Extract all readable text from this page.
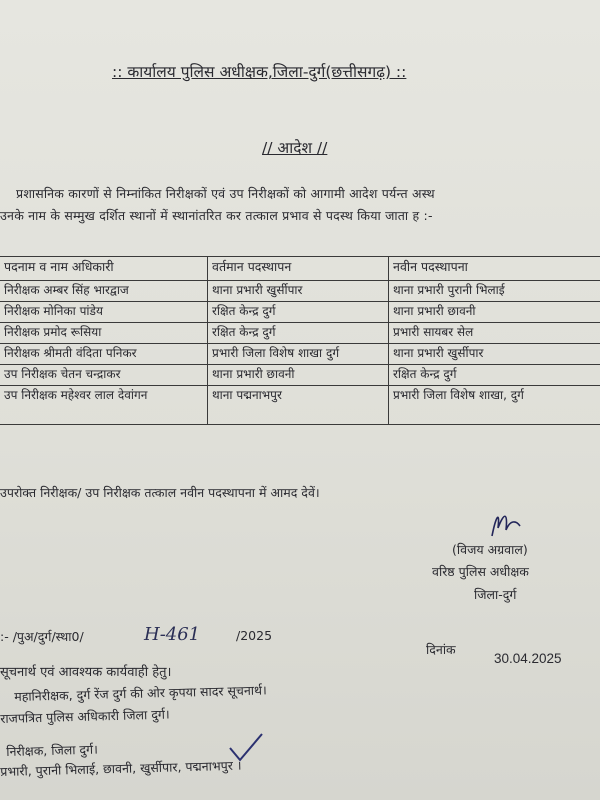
:: कार्यालय पुलिस अधीक्षक,जिला-दुर्ग(छत्तीसगढ़) ::
// आदेश //
प्रशासनिक कारणों से निम्नांकित निरीक्षकों एवं उप निरीक्षकों को आगामी आदेश पर्यन्त अस्थ
उनके नाम के सम्मुख दर्शित स्थानों में स्थानांतरित कर तत्काल प्रभाव से पदस्थ किया जाता ह :-
पदनाम व नाम अधिकारी	वर्तमान पदस्थापन	नवीन पदस्थापना
निरीक्षक अम्बर सिंह भारद्वाज	थाना प्रभारी खुर्सीपार	थाना प्रभारी पुरानी भिलाई
निरीक्षक मोनिका पांडेय	रक्षित केन्द्र दुर्ग	थाना प्रभारी छावनी
निरीक्षक प्रमोद रूसिया	रक्षित केन्द्र दुर्ग	प्रभारी सायबर सेल
निरीक्षक श्रीमती वंदिता पनिकर	प्रभारी जिला विशेष शाखा दुर्ग	थाना प्रभारी खुर्सीपार
उप निरीक्षक चेतन चन्द्राकर	थाना प्रभारी छावनी	रक्षित केन्द्र दुर्ग
उप निरीक्षक महेश्वर लाल देवांगन	थाना पद्मनाभपुर	प्रभारी जिला विशेष शाखा, दुर्ग
उपरोक्त निरीक्षक/ उप निरीक्षक तत्काल नवीन पदस्थापना में आमद देवें।
(विजय अग्रवाल)
वरिष्ठ पुलिस अधीक्षक
जिला-दुर्ग
:- /पुअ/दुर्ग/स्था0/	H-461	/2025
दिनांक
30.04.2025
सूचनार्थ एवं आवश्यक कार्यवाही हेतु।
महानिरीक्षक, दुर्ग रेंज दुर्ग की ओर कृपया सादर सूचनार्थ।
राजपत्रित पुलिस अधिकारी जिला दुर्ग।
निरीक्षक, जिला दुर्ग।
प्रभारी, पुरानी भिलाई, छावनी, खुर्सीपार, पद्मनाभपुर ।
